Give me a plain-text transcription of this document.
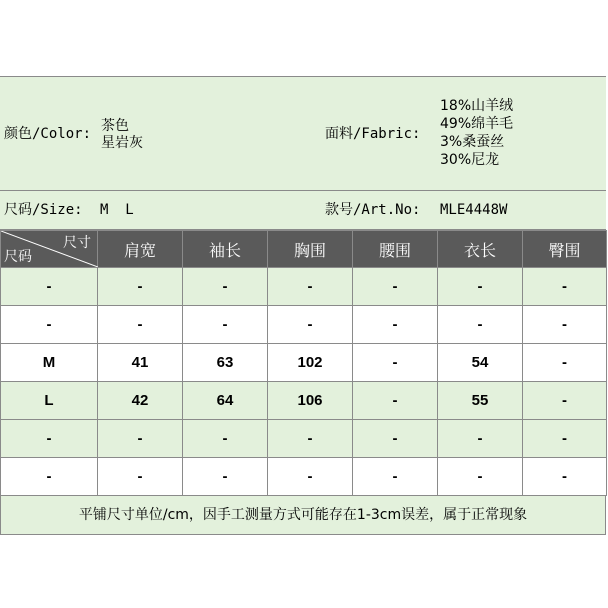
颜色/Color: 茶色
星岩灰
面料/Fabric:
18%山羊绒
49%绵羊毛
3%桑蚕丝
30%尼龙
尺码/Size: M  L	款号/Art.No: MLE4448W
尺寸
尺码	肩宽	袖长	胸围	腰围	衣长	臀围
-	-	-	-	-	-	-
-	-	-	-	-	-	-
M	41	63	102	-	54	-
L	42	64	106	-	55	-
-	-	-	-	-	-	-
-	-	-	-	-	-	-
平铺尺寸单位/cm，因手工测量方式可能存在1-3cm误差，属于正常现象
